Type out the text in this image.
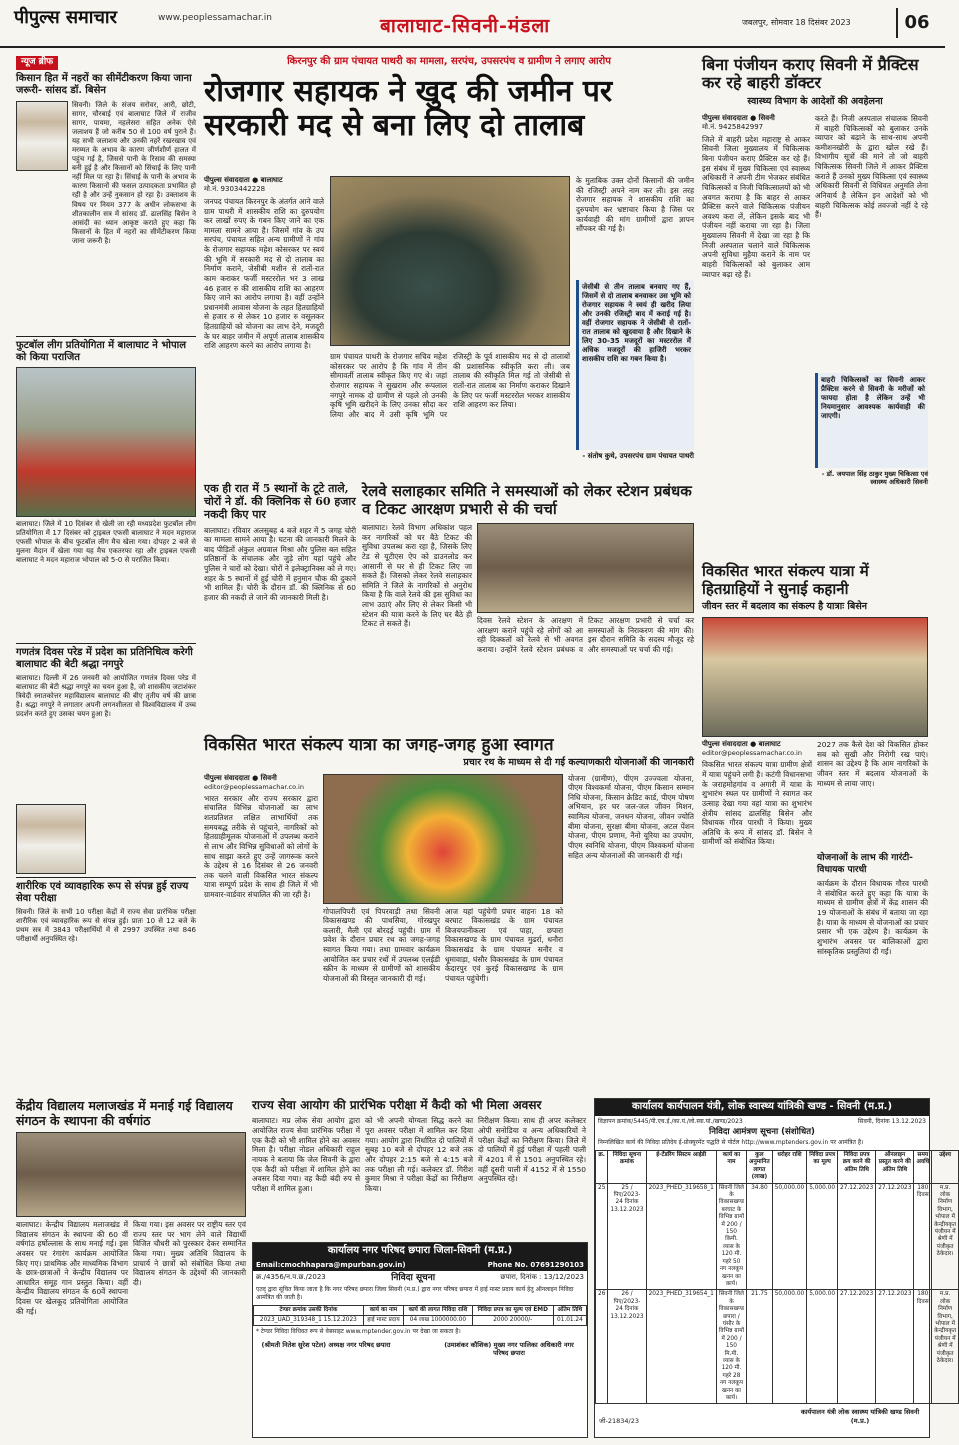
पीपुल्स समाचार	www.peoplessamachar.in	बालाघाट-सिवनी-मंडला	जबलपुर, सोमवार 18 दिसंबर 2023	06
न्यूज ब्रीफ
किसान हित में नहरों का सीमेंटीकरण किया जाना जरूरी- सांसद डॉ. बिसेन

सिवनी। जिले के संजय सरोवर, आरी, छोटी, सागर, चौरबाई एवं बालाघाट जिले में राजीव सागर, पायमा, नहलेसरा सहित अनेक ऐसे जलाशय हैं जो करीब 50 से 100 वर्ष पुराने हैं। यह सभी जलाशय और उनकी नहरें रखरखाव एवं मरम्मत के अभाव के कारण जीर्णशीर्ण हालत में पहुंच गई है, जिससे पानी के रिसाव की समस्या बनी हुई है और किसानों को सिंचाई के लिए पानी नहीं मिल पा रहा है। सिंचाई के पानी के अभाव के कारण किसानों की फसल उत्पादकता प्रभावित हो रही है और उन्हें नुकसान हो रहा है। उक्ताशय के विषय पर नियम 377 के अधीन लोकसभा के शीतकालीन सत्र में सांसद डॉ. ढालसिंह बिसेन ने आसंदी का ध्यान आकृष्ट कराते हुए कहा कि किसानों के हित में नहरों का सीमेंटीकरण किया जाना जरूरी है।

फुटबॉल लीग प्रतियोगिता में बालाघाट ने भोपाल को किया पराजित

बालाघाट। जिले में 10 दिसंबर से खेली जा रही मध्यप्रदेश फुटबॉल लीग प्रतियोगिता में 17 दिसंबर को ट्राइबल एफसी बालाघाट ने मदन महाराज एफसी भोपाल के बीच फुटबॉल लीग मैच खेला गया। दोपहर 2 बजे से मुलना मैदान में खेला गया यह मैच एकतरफा रहा और ट्राइबल एफसी बालाघाट ने मदन महाराज भोपाल को 5-0 से पराजित किया।

गणतंत्र दिवस परेड में प्रदेश का प्रतिनिधित्व करेगी बालाघाट की बेटी श्रद्धा नगपुरे

बालाघाट। दिल्ली में 26 जनवरी को आयोजित गणतंत्र दिवस परेड में बालाघाट की बेटी श्रद्धा नगपुरे का चयन हुआ है, जो शासकीय जटाशंकर त्रिवेदी स्नातकोत्तर महाविद्यालय बालाघाट की बीए तृतीय वर्ष की छात्रा है। श्रद्धा नगपुरे ने लगातार अपनी लगनशीलता से विश्वविद्यालय में उच्च प्रदर्शन करते हुए उसका चयन हुआ है।

शारीरिक एवं व्यावहारिक रूप से संपन्न हुई राज्य सेवा परीक्षा

सिवनी। जिले के सभी 10 परीक्षा केंद्रों में राज्य सेवा प्रारंभिक परीक्षा शारीरिक एवं व्यावहारिक रूप से संपन्न हुई। प्रातः 10 से 12 बजे के प्रथम सत्र में 3843 परीक्षार्थियों में से 2997 उपस्थित तथा 846 परीक्षार्थी अनुपस्थित रहे।

किरनपुर की ग्राम पंचायत पाथरी का मामला, सरपंच, उपसरपंच व ग्रामीण ने लगाए आरोप
रोजगार सहायक ने खुद की जमीन पर सरकारी मद से बना लिए दो तालाब
पीपुल्स संवाददाता ● बालाघाट
मो.नं. 9303442228

जनपद पंचायत किरनपुर के अंतर्गत आने वाले ग्राम पाथरी में शासकीय राशि का दुरुपयोग कर लाखों रुपए के गबन किए जाने का एक मामला सामने आया है। जिसमें गांव के उप सरपंच, पंचायत सहित अन्य ग्रामीणों ने गांव के रोजगार सहायक महेश कोसरकर पर स्वयं की भूमि में सरकारी मद से दो तालाब का निर्माण कराने, जेसीबी मशीन से रातों-रात काम कराकर फर्जी मस्टररोल भर 3 लाख 46 हजार रु की शासकीय राशि का आहरण किए जाने का आरोप लगाया है। वहीं उन्होंने प्रधानमंत्री आवास योजना के तहत हितग्राहियों से हजार रु से लेकर 10 हजार रु वसूलकर हितग्राहियों को योजना का लाभ देने, मजदूरी के घर बाहर जमीन में अपूर्ण तालाब शासकीय राशि आहरण करने का आरोप लगाया है।

ग्राम पंचायत पाथरी के रोजगार सचिव महेश कोसरकर पर आरोप है कि गांव में तीन सीमावर्ती तालाब स्वीकृत किए गए थे। जहां रोजगार सहायक ने सुखराम और रूपलाल नगपुरे नामक दो ग्रामीण से पहले तो उनकी कृषि भूमि खरीदने के लिए उनका सौदा कर लिया और बाद में उसी कृषि भूमि पर रजिस्ट्री के पूर्व शासकीय मद से दो तालाबों की प्रशासनिक स्वीकृति करा ली। जब तालाब की स्वीकृति मिल गई तो जेसीबी से रातों-रात तालाब का निर्माण कराकर दिखाने के लिए पर फर्जी मस्टररोल भरकर शासकीय राशि आहरण कर लिया।

के मुताबिक उक्त दोनों किसानों की जमीन की रजिस्ट्री अपने नाम कर ली। इस तरह रोजगार सहायक ने शासकीय राशि का दुरुपयोग कर भ्रष्टाचार किया है जिस पर कार्यवाही की मांग ग्रामीणों द्वारा ज्ञापन सौंपकर की गई है।

जेसीबी से तीन तालाब बनवाए गए हैं, जिसमें से दो तालाब बनवाकर उस भूमि को रोजगार सहायक ने स्वयं ही खरीद लिया और उनकी रजिस्ट्री बाद में कराई गई है। वहीं रोजगार सहायक ने जेसीबी से रातों-रात तालाब को खुदवाया है और दिखाने के लिए 30-35 मजदूरों का मस्टररोल में अधिक मजदूरों की हाजिरी भरकर शासकीय राशि का गबन किया है।
- संतोष कुथे, उपसरपंच ग्राम पंचायत पाथरी
बिना पंजीयन कराए सिवनी में प्रैक्टिस कर रहे बाहरी डॉक्टर
स्वास्थ्य विभाग के आदेशों की अवहेलना
पीपुल्स संवाददाता ● सिवनी
मो.नं. 9425842997

जिले में बाहरी प्रदेश महाराष्ट्र से आकर सिवनी जिला मुख्यालय में चिकित्सक बिना पंजीयन कराए प्रैक्टिस कर रहे हैं। इस संबंध में मुख्य चिकित्सा एवं स्वास्थ्य अधिकारी ने अपनी टीम भेजकर संबंधित चिकित्सकों व निजी चिकित्सालयों को भी अवगत कराया है कि बाहर से आकर प्रैक्टिस करने वाले चिकित्सक पंजीयन अवश्य करा लें, लेकिन इसके बाद भी पंजीयन नहीं कराया जा रहा है। जिला मुख्यालय सिवनी में देखा जा रहा है कि निजी अस्पताल चलाने वाले चिकित्सक अपनी सुविधा मुहैया कराने के नाम पर बाहरी चिकित्सकों को बुलाकर आम व्यापार बढ़ा रहे हैं।

करते हैं। निजी अस्पताल संचालक सिवनी में बाहरी चिकित्सकों को बुलाकर उनके व्यापार को बढ़ाने के साथ-साथ अपनी कमीशनखोरी के द्वारा खोल रखे हैं। विभागीय सूत्रों की माने तो जो बाहरी चिकित्सक सिवनी जिले में आकर प्रैक्टिस कराते हैं उनको मुख्य चिकित्सा एवं स्वास्थ्य अधिकारी सिवनी से विधिवत अनुमति लेना अनिवार्य है लेकिन इन आदेशों को भी बाहरी चिकित्सक कोई तवज्जो नहीं दे रहे हैं।

बाहरी चिकित्सकों का सिवनी आकर प्रैक्टिस करने से सिवनी के मरीजों को फायदा होता है लेकिन उन्हें भी नियमानुसार आवश्यक कार्यवाही की जाएगी।
- डॉ. जयपाल सिंह ठाकुर मुख्य चिकित्सा एवं स्वास्थ्य अधिकारी सिवनी
एक ही रात में 5 स्थानों के टूटे ताले, चोरों ने डॉ. की क्लिनिक से 60 हजार नकदी किए पार

बालाघाट। रविवार अलसुबह 4 बजे शहर में 5 जगह चोरी का मामला सामने आया है। घटना की जानकारी मिलने के बाद पीड़ितों अंकुल अग्रवाल मिश्रा और पुलिस बल सहित प्रतिष्ठानों के संचालक और जुड़े लोग यहां पहुंचे और पुलिस ने चारों को देखा। चोरों ने इलेक्ट्रानिक्स को ले गए। शहर के 5 स्थानों में हुई चोरी में हनुमान चौक की दुकानें भी शामिल हैं। चोरी के दौरान डॉ. की क्लिनिक से 60 हजार की नकदी ले जाने की जानकारी मिली है।

रेलवे सलाहकार समिति ने समस्याओं को लेकर स्टेशन प्रबंधक व टिकट आरक्षण प्रभारी से की चर्चा

बालाघाट। रेलवे विभाग अधिकांश पहल कर नागरिकों को घर बैठे टिकट की सुविधा उपलब्ध करा रहा है, जिसके लिए टेड से यूटीएस ऐप को डाउनलोड कर आसानी से घर से ही टिकट लिए जा सकते हैं। जिसको लेकर रेलवे सलाहकार समिति ने जिले के नागरिकों से अनुरोध किया है कि वाले रेलवे की इस सुविधा का लाभ उठाएं और लिए से लेकर किसी भी स्टेशन की यात्रा करने के लिए घर बैठे ही टिकट ले सकते हैं।	दिवस रेलवे स्टेशन के आरक्षण में आरक्षण कराने पहुंचे रहे लोगों को आ रही दिक्कतों को रेलवे से भी अवगत कराया। उन्होंने रेलवे स्टेशन प्रबंधक व टिकट आरक्षण प्रभारी से चर्चा कर समस्याओं के निराकरण की मांग की। इस दौरान समिति के सदस्य मौजूद रहे और समस्याओं पर चर्चा की गई।

विकसित भारत संकल्प यात्रा में हितग्राहियों ने सुनाई कहानी
जीवन स्तर में बदलाव का संकल्प है यात्राः बिसेन
पीपुल्स संवाददाता ● बालाघाट
editor@peoplessamachar.co.in

विकसित भारत संकल्प यात्रा ग्रामीण क्षेत्रों में यात्रा पहुंचने लगी है। कटंगी विधानसभा के जराहमोहगांव व अगारी में यात्रा के शुभारंभ स्थल पर ग्रामीणों ने स्वागत कर उत्साह देखा गया वहां यात्रा का शुभारंभ क्षेत्रीय सांसद ढालसिंह बिसेन और विधायक गौरव पारधी ने किया। मुख्य अतिथि के रूप में सांसद डॉ. बिसेन ने ग्रामीणों को संबोधित किया।

2027 तक कैसे देश को विकसित होकर सब को सुखी और निरोगी रख पाएं। शासन का उद्देश्य है कि आम नागरिकों के जीवन स्तर में बदलाव योजनाओं के माध्यम से लाया जाए।

योजनाओं के लाभ की गारंटी- विधायक पारधी

कार्यक्रम के दौरान विधायक गौरव पारधी ने संबोधित करते हुए कहा कि यात्रा के माध्यम से ग्रामीण क्षेत्रों में केंद्र शासन की 19 योजनाओं के संबंध में बताया जा रहा है। यात्रा के माध्यम से योजनाओं का प्रचार प्रसार भी एक उद्देश्य है। कार्यक्रम के शुभारंभ अवसर पर बालिकाओं द्वारा सांस्कृतिक प्रस्तुतियां दी गईं।

विकसित भारत संकल्प यात्रा का जगह-जगह हुआ स्वागत
प्रचार रथ के माध्यम से दी गई कल्याणकारी योजनाओं की जानकारी
पीपुल्स संवाददाता ● सिवनी
editor@peoplessamachar.co.in

भारत सरकार और राज्य सरकार द्वारा संचालित विभिन्न योजनाओं का लाभ शतप्रतिशत लक्षित लाभार्थियों तक समयबद्ध तरीके से पहुंचाने, नागरिकों को हितग्राहीमूलक योजनाओं में उपलब्ध कराने से लाभ और विभिन्न सुविधाओं को लोगों के साथ साझा करते हुए उन्हें जागरूक करने के उद्देश्य से 16 दिसंबर से 26 जनवरी तक चलने वाली विकसित भारत संकल्प यात्रा सम्पूर्ण प्रदेश के साथ ही जिले में भी ग्रामवार-वार्डवार संचालित की जा रही है।

गोपालपिपरी एवं पिपरवाड़ी तथा सिवनी विकासखण्ड की पाथसिया, गोरखपुर कलारी, मैली एवं बोरदई पहुंची। ग्राम में प्रवेश के दौरान प्रचार रथ का जगह-जगह स्वागत किया गया। तथा ग्रामवार कार्यक्रम आयोजित कर प्रचार रथों में उपलब्ध एलईडी स्क्रीन के माध्यम से ग्रामीणों को शासकीय योजनाओं की विस्तृत जानकारी दी गई।

आज यहां पहुंचेगी प्रचार वाहनः 18 को बरघाट विकासखंड के ग्राम पंचायत बिजयपानीकला एवं पाहा, छपारा विकासखण्ड के ग्राम पंचायत मुढर्रा, धनौरा विकासखंड के ग्राम पंचायत सनौर व धूमावाड़ा, घंसौर विकासखंड के ग्राम पंचायत केदारपुर एवं कुरई विकासखण्ड के ग्राम पंचायत पहुंचेगी।

योजना (ग्रामीण), पीएम उज्ज्वला योजना, पीएम विश्वकर्मा योजना, पीएम किसान सम्मान निधि योजना, किसान क्रेडिट कार्ड, पीएम पोषण अभियान, हर घर जल-जल जीवन मिशन, स्वामित्व योजना, जनधन योजना, जीवन ज्योति बीमा योजना, सुरक्षा बीमा योजना, अटल पेंशन योजना, पीएम प्रणाम, नैनो यूरिया का उपयोग, पीएम स्वनिधि योजना, पीएम विश्वकर्मा योजना सहित अन्य योजनाओं की जानकारी दी गई।

केंद्रीय विद्यालय मलाजखंड में मनाई गई विद्यालय संगठन के स्थापना की वर्षगांठ

बालाघाट। केन्द्रीय विद्यालय मलाजखंड में विद्यालय संगठन के स्थापना की 60 वीं वर्षगांठ हर्षोल्लास के साथ मनाई गई। इस अवसर पर रंगारंग कार्यक्रम आयोजित किए गए। प्राथमिक और माध्यमिक विभाग के छात्र-छात्राओं ने केन्द्रीय विद्यालय पर आधारित समूह गान प्रस्तुत किया। वहीं केन्द्रीय विद्यालय संगठन के 60वें स्थापना दिवस पर खेलकूद प्रतियोगिता आयोजित की गई।

किया गया। इस अवसर पर राष्ट्रीय स्तर एवं राज्य स्तर पर भाग लेने वाले विद्यार्थी विजित चौधरी को पुरस्कार देकर सम्मानित किया गया। मुख्य अतिथि विद्यालय के प्राचार्य ने छात्रों को संबोधित किया तथा विद्यालय संगठन के उद्देश्यों की जानकारी दी।

राज्य सेवा आयोग की प्रारंभिक परीक्षा में कैदी को भी मिला अवसर

बालाघाट। मप्र लोक सेवा आयोग द्वारा आयोजित राज्य सेवा प्रारंभिक परीक्षा में एक कैदी को भी शामिल होने का अवसर मिला है। परीक्षा नोडल अधिकारी राहुल नायक ने बताया कि जेल सिवनी के द्वारा एक कैदी को परीक्षा में शामिल होने का अवसर दिया गया। वह कैदी बंदी रुप से परीक्षा में शामिल हुआ।

को भी अपनी योग्यता सिद्ध करने का पूरा अवसर परीक्षा में शामिल कर दिया गया। आयोग द्वारा निर्धारित दो पालियों में सुबह 10 बजे से दोपहर 12 बजे तक और दोपहर 2:15 बजे से 4:15 बजे तक परीक्षा ली गई। कलेक्टर डॉ. गिरीश कुमार मिश्रा ने परीक्षा केंद्रों का निरीक्षण किया।

निरीक्षण किया। साथ ही अपर कलेक्टर ओपी सनोडिया व अन्य अधिकारियों ने परीक्षा केंद्रों का निरीक्षण किया। जिले में दो पालियों में हुई परीक्षा में पहली पाली में 4201 में से 1501 अनुपस्थित रहे। वहीं दूसरी पाली में 4152 में से 1550 अनुपस्थित रहे।

कार्यालय नगर परिषद छपारा जिला-सिवनी (म.प्र.)
Email:cmochhapara@mpurban.gov.in)	Phone No. 07691290103
क्र./4356/न.प.छ./2023	निविदा सूचना	छपारा, दिनांक : 13/12/2023
एतद् द्वारा सूचित किया जाता है कि नगर परिषद छपारा जिला सिवनी (म.प्र.) द्वारा नगर परिषद छपारा में हाई मास्ट प्रदाय कार्य हेतु ऑनलाइन निविदा आमंत्रित की जाती है।
टेण्डर क्रमांक उसकी दिनांक	कार्य का नाम	कार्य की लागत निविदा राशि	निविदा प्रपत्र का मूल्य एवं EMD	अंतिम तिथि
2023_UAD_319348_1 15.12.2023	हाई मास्ट प्रदाय	04 लाख 1000000.00	2000 20000/-	01.01.24
* टेण्डर निविदा विधिवत रूप से वेबसाइट www.mptender.gov.in पर देखा जा सकता है।
(श्रीमती नितेश सुरेश पटेल) अध्यक्ष नगर परिषद छपारा	(उमाशंकर कौशिक) मुख्य नगर पालिका अधिकारी नगर परिषद छपारा
कार्यालय कार्यपालन यंत्री, लोक स्वास्थ्य यांत्रिकी खण्ड - सिवनी (म.प्र.)
विज्ञापन क्रमांक/5445/पी.एच.ई./का.यं./लो.स्वा.यां./खण्ड/2023	सिवनी, दिनांक 13.12.2023
निविदा आमंत्रण सूचना (संशोधित)
निम्नलिखित कार्य की निविदा प्रतिदेय ई-प्रोक्यूरमेंट पद्धति से पोर्टल http://www.mptenders.gov.in पर आमंत्रित है।
क्र.	निविदा सूचना क्रमांक	ई-टेंडरिंग सिस्टम आईडी	कार्य का नाम	कुल अनुमानित लागत (लाख)	धरोहर राशि	निविदा प्रपत्र का मूल्य	निविदा प्रपत्र क्रय करने की अंतिम तिथि	ऑनलाइन प्रस्तुत करने की अंतिम तिथि	समय अवधि	उद्देश्य
25	25 / पिए/2023-24 दिनांक 13.12.2023	2023_PHED_319658_1	सिवनी जिले के विकासखण्ड बरघाट के विभिन्न ग्रामों में 200 / 150 किमी. व्यास के 120 मी. गहरे 50 नग नलकूप खनन का कार्य।	34.80	50,000.00	5,000.00	27.12.2023	27.12.2023	180 दिवस	म.प्र. लोक निर्माण विभाग, भोपाल में केन्द्रीयकृत पंजीयन में श्रेणी में पंजीकृत ठेकेदार।
26	26 / पिए/2023-24 दिनांक 13.12.2023	2023_PHED_319654_1	सिवनी जिले के विकासखण्ड छपारा / घंसौर के विभिन्न ग्रामों में 200 / 150 मि.मी. व्यास के 120 मी. गहरे 28 नग नलकूप खनन का कार्य।	21.75	50,000.00	5,000.00	27.12.2023	27.12.2023	180 दिवस	म.प्र. लोक निर्माण विभाग, भोपाल में केन्द्रीयकृत पंजीयन में श्रेणी में पंजीकृत ठेकेदार।
जी-21834/23
कार्यपालन यंत्री लोक स्वास्थ्य यांत्रिकी खण्ड सिवनी (म.प्र.)
